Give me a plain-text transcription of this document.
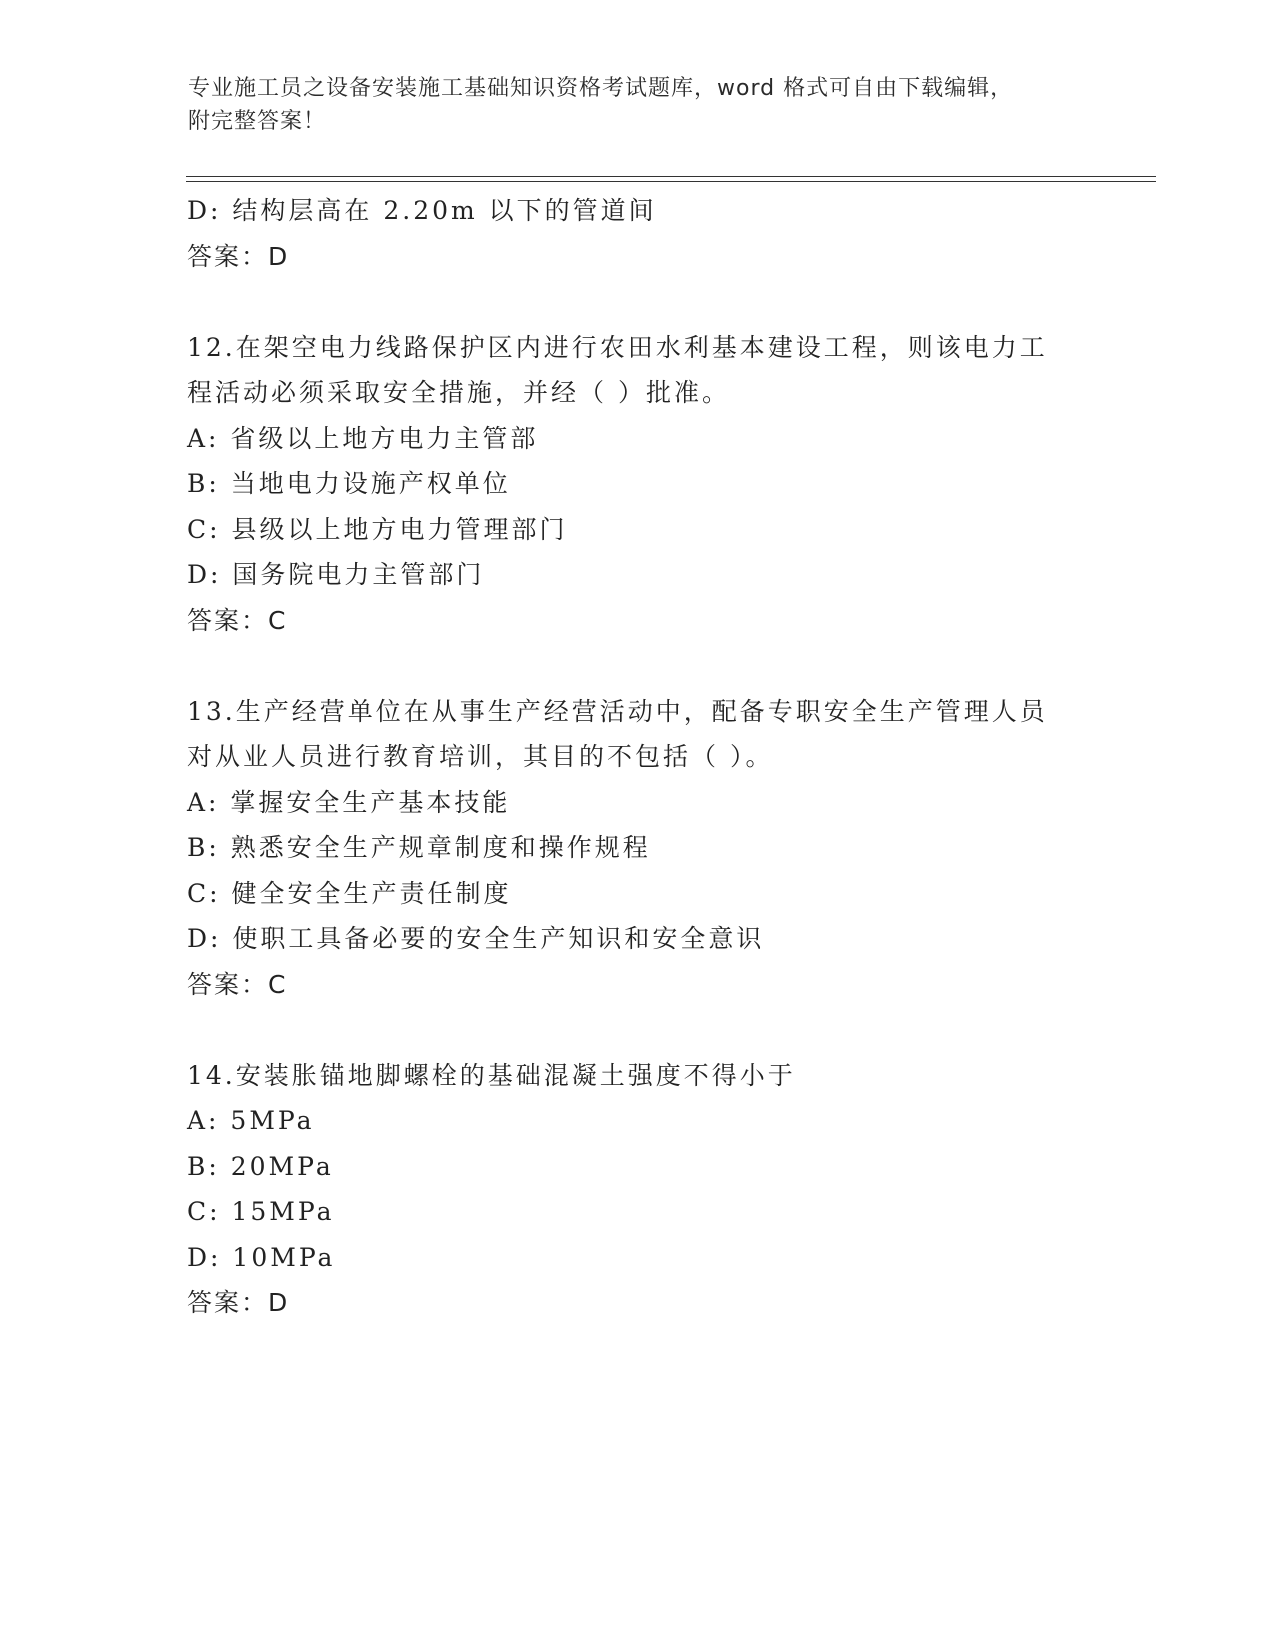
专业施工员之设备安装施工基础知识资格考试题库，word 格式可自由下载编辑，
附完整答案！
D: 结构层高在 2.20m 以下的管道间
答案：D
12.在架空电力线路保护区内进行农田水利基本建设工程，则该电力工
程活动必须采取安全措施，并经（ ）批准。
A: 省级以上地方电力主管部
B: 当地电力设施产权单位
C: 县级以上地方电力管理部门
D: 国务院电力主管部门
答案：C
13.生产经营单位在从事生产经营活动中，配备专职安全生产管理人员
对从业人员进行教育培训，其目的不包括（ ）。
A: 掌握安全生产基本技能
B: 熟悉安全生产规章制度和操作规程
C: 健全安全生产责任制度
D: 使职工具备必要的安全生产知识和安全意识
答案：C
14.安装胀锚地脚螺栓的基础混凝土强度不得小于
A: 5MPa
B: 20MPa
C: 15MPa
D: 10MPa
答案：D
